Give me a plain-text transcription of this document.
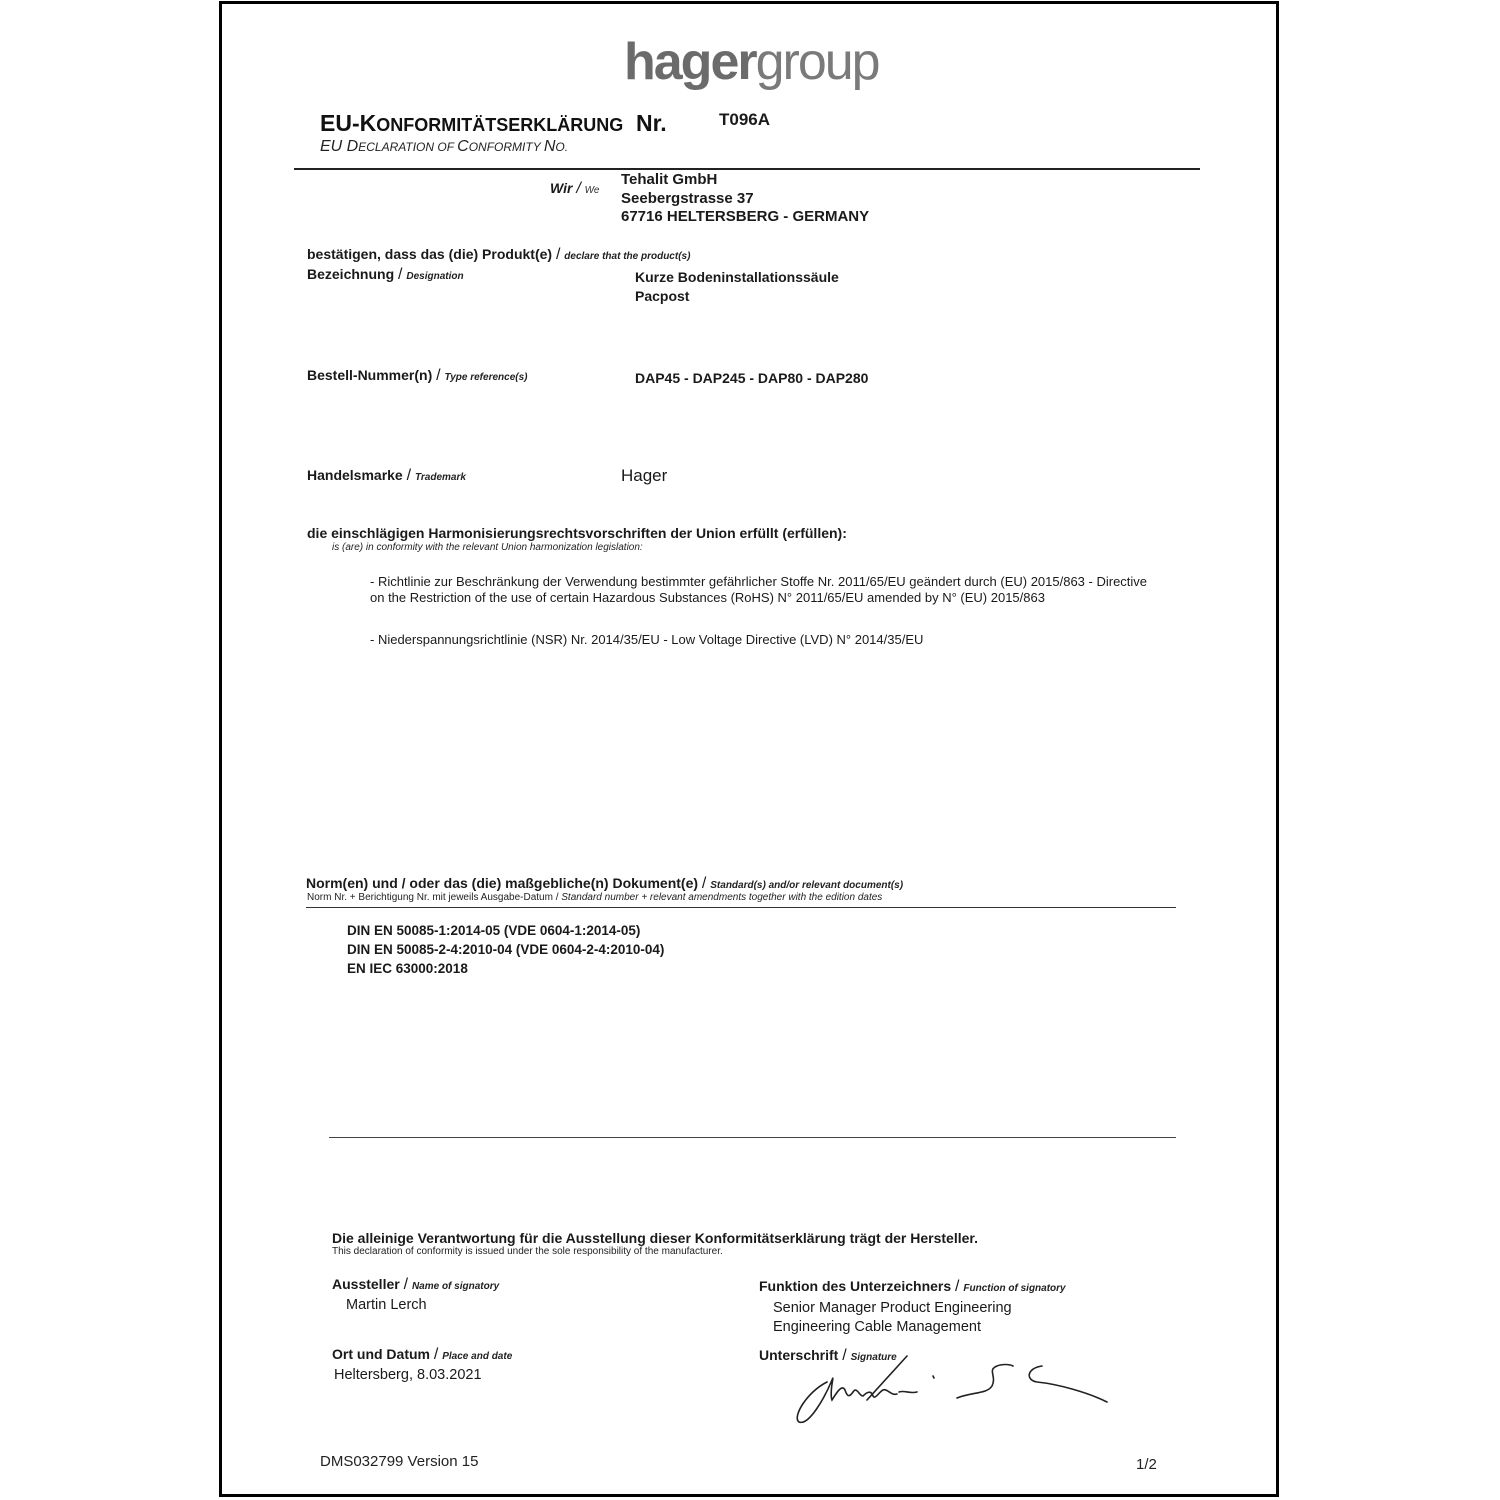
hagergroup
EU-KONFORMITÄTSERKLÄRUNG Nr.	T096A
EU DECLARATION OF CONFORMITY NO.
Wir / We
Tehalit GmbH
Seebergstrasse 37
67716 HELTERSBERG - GERMANY
bestätigen, dass das (die) Produkt(e) / declare that the product(s)
Bezeichnung / Designation	Kurze Bodeninstallationssäule
Pacpost
Bestell-Nummer(n) / Type reference(s)	DAP45 - DAP245 - DAP80 - DAP280
Handelsmarke / Trademark	Hager
die einschlägigen Harmonisierungsrechtsvorschriften der Union erfüllt (erfüllen):
is (are) in conformity with the relevant Union harmonization legislation:
- Richtlinie zur Beschränkung der Verwendung bestimmter gefährlicher Stoffe Nr. 2011/65/EU geändert durch (EU) 2015/863 - Directive
on the Restriction of the use of certain Hazardous Substances (RoHS) N° 2011/65/EU amended by N° (EU) 2015/863
- Niederspannungsrichtlinie (NSR) Nr. 2014/35/EU - Low Voltage Directive (LVD) N° 2014/35/EU
Norm(en) und / oder das (die) maßgebliche(n) Dokument(e) / Standard(s) and/or relevant document(s)
Norm Nr. + Berichtigung Nr. mit jeweils Ausgabe-Datum / Standard number + relevant amendments together with the edition dates
DIN EN 50085-1:2014-05 (VDE 0604-1:2014-05)
DIN EN 50085-2-4:2010-04 (VDE 0604-2-4:2010-04)
EN IEC 63000:2018
Die alleinige Verantwortung für die Ausstellung dieser Konformitätserklärung trägt der Hersteller.
This declaration of conformity is issued under the sole responsibility of the manufacturer.
Aussteller / Name of signatory
Martin Lerch
Funktion des Unterzeichners / Function of signatory
Senior Manager Product Engineering
Engineering Cable Management
Ort und Datum / Place and date
Heltersberg, 8.03.2021
Unterschrift / Signature
DMS032799 Version 15	1/2
